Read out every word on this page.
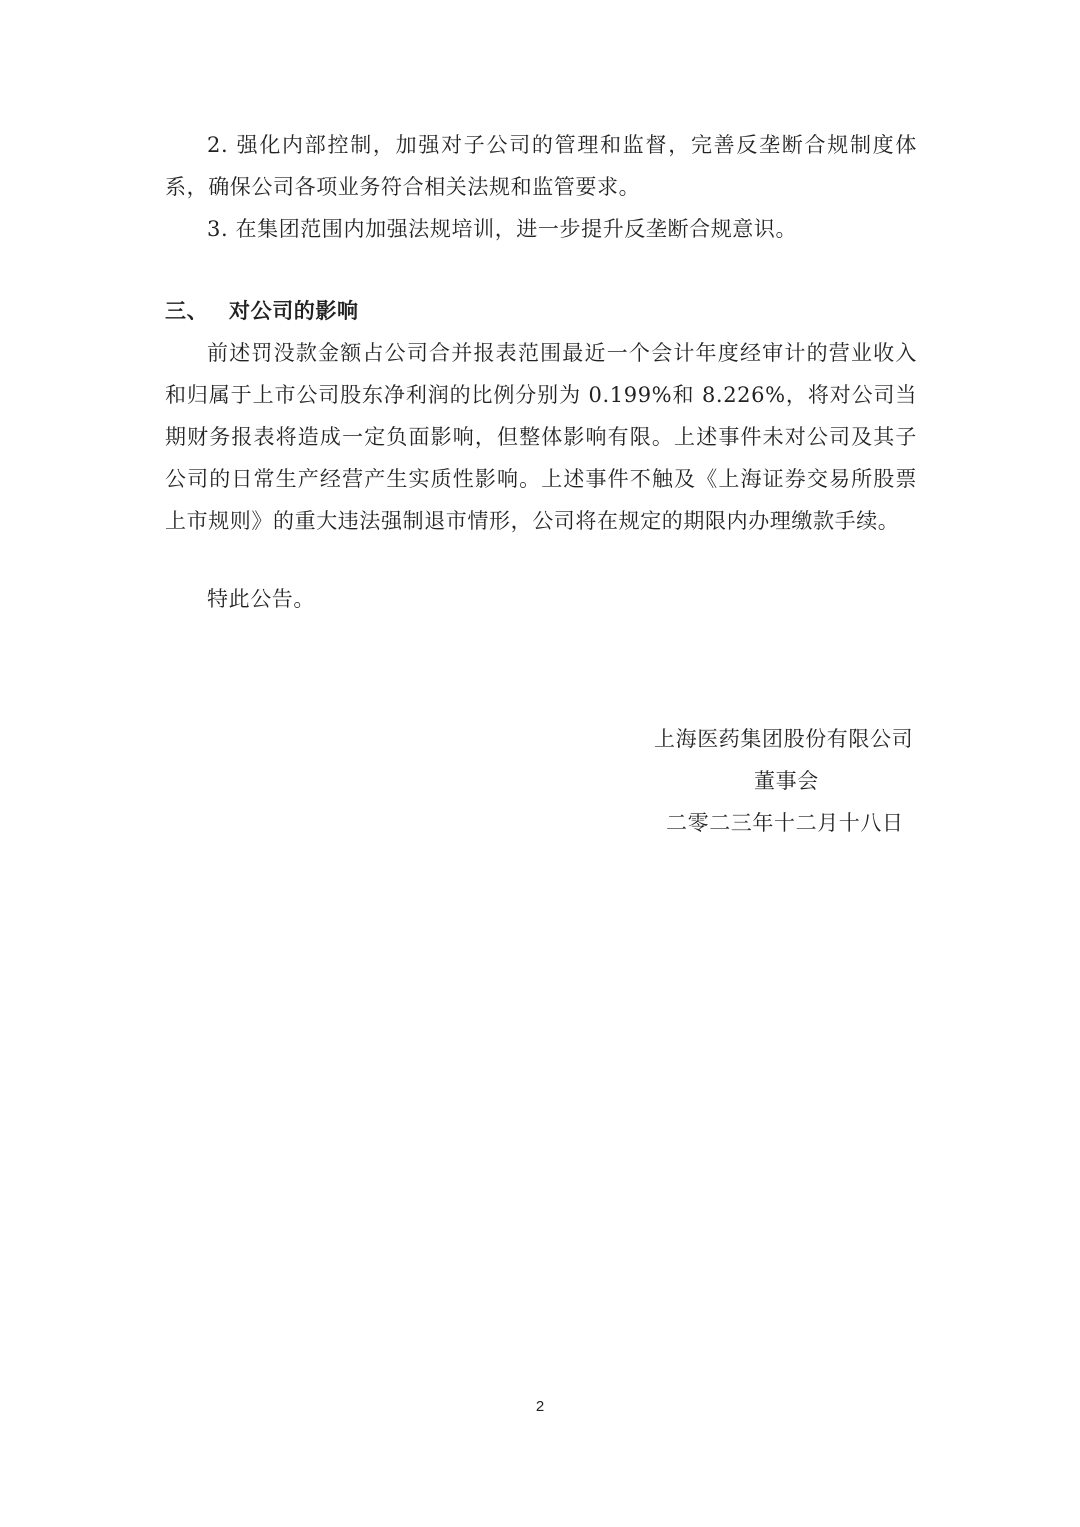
2. 强化内部控制，加强对子公司的管理和监督，完善反垄断合规制度体系，确保公司各项业务符合相关法规和监管要求。

3. 在集团范围内加强法规培训，进一步提升反垄断合规意识。

三、 对公司的影响

前述罚没款金额占公司合并报表范围最近一个会计年度经审计的营业收入和归属于上市公司股东净利润的比例分别为 0.199%和 8.226%，将对公司当期财务报表将造成一定负面影响，但整体影响有限。上述事件未对公司及其子公司的日常生产经营产生实质性影响。上述事件不触及《上海证券交易所股票上市规则》的重大违法强制退市情形，公司将在规定的期限内办理缴款手续。

特此公告。

上海医药集团股份有限公司
董事会
二零二三年十二月十八日
2
